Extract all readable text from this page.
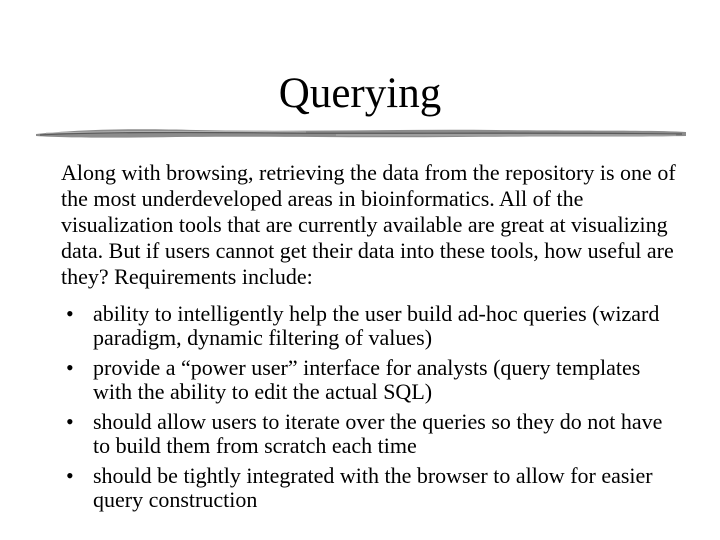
Querying

Along with browsing, retrieving the data from the repository is one of the most underdeveloped areas in bioinformatics. All of the visualization tools that are currently available are great at visualizing data. But if users cannot get their data into these tools, how useful are they? Requirements include:

• ability to intelligently help the user build ad-hoc queries (wizard paradigm, dynamic filtering of values)
• provide a “power user” interface for analysts (query templates with the ability to edit the actual SQL)
• should allow users to iterate over the queries so they do not have to build them from scratch each time
• should be tightly integrated with the browser to allow for easier query construction
